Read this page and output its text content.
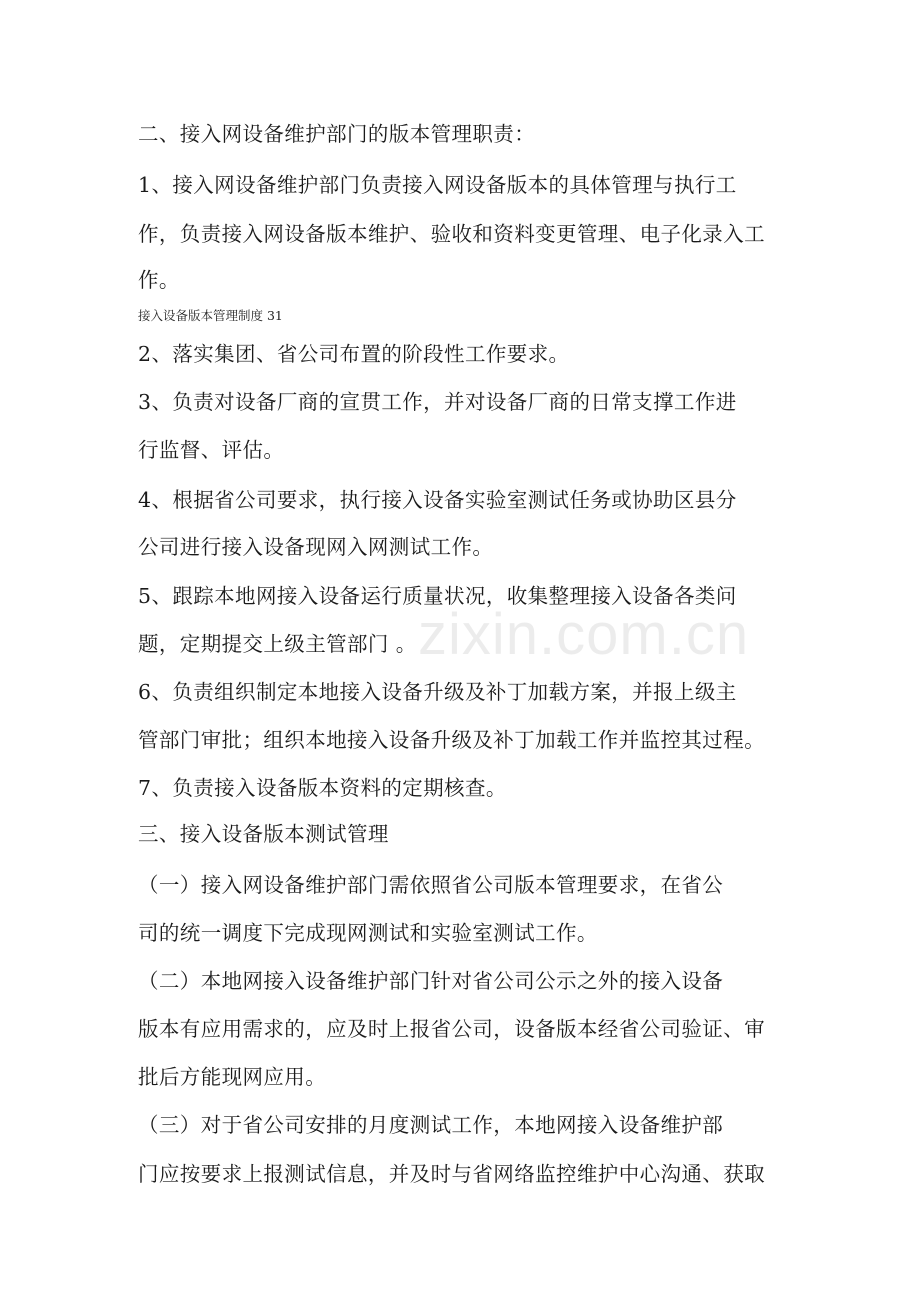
二、接入网设备维护部门的版本管理职责：
1、接入网设备维护部门负责接入网设备版本的具体管理与执行工
作，负责接入网设备版本维护、验收和资料变更管理、电子化录入工
作。
接入设备版本管理制度 31
2、落实集团、省公司布置的阶段性工作要求。
3、负责对设备厂商的宣贯工作，并对设备厂商的日常支撑工作进
行监督、评估。
4、根据省公司要求，执行接入设备实验室测试任务或协助区县分
公司进行接入设备现网入网测试工作。
5、跟踪本地网接入设备运行质量状况，收集整理接入设备各类问
题，定期提交上级主管部门 。
6、负责组织制定本地接入设备升级及补丁加载方案，并报上级主
管部门审批；组织本地接入设备升级及补丁加载工作并监控其过程。
7、负责接入设备版本资料的定期核查。
三、接入设备版本测试管理
（一）接入网设备维护部门需依照省公司版本管理要求，在省公
司的统一调度下完成现网测试和实验室测试工作。
（二）本地网接入设备维护部门针对省公司公示之外的接入设备
版本有应用需求的，应及时上报省公司，设备版本经省公司验证、审
批后方能现网应用。
（三）对于省公司安排的月度测试工作，本地网接入设备维护部
门应按要求上报测试信息，并及时与省网络监控维护中心沟通、获取
zixin.com.cn
